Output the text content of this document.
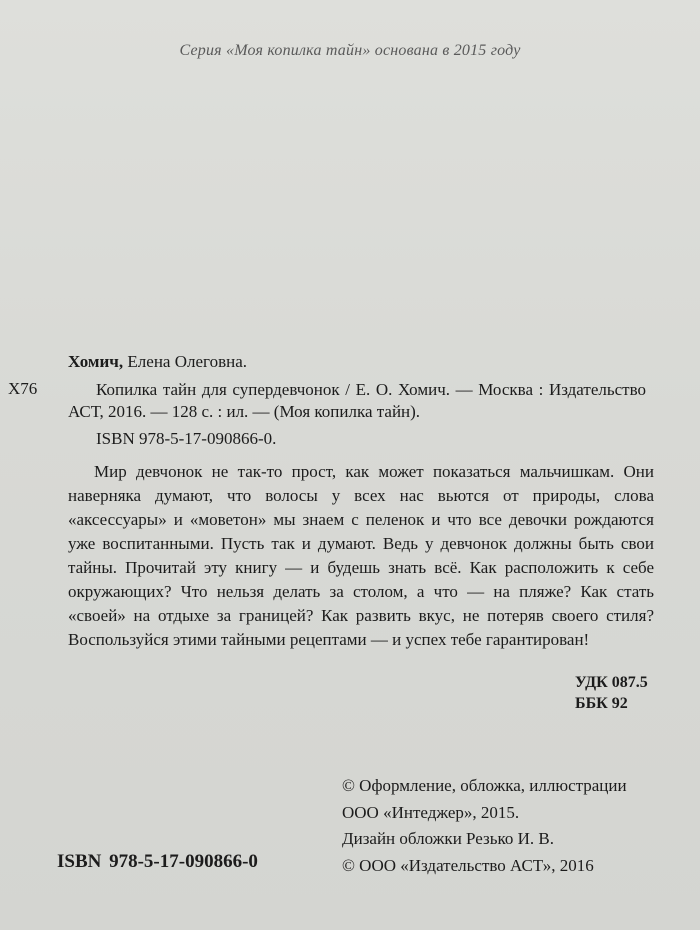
Серия «Моя копилка тайн» основана в 2015 году
Хомич, Елена Олеговна.
Х76	Копилка тайн для супердевчонок / Е. О. Хомич. — Москва : Издательство АСТ, 2016. — 128 с. : ил. — (Моя копилка тайн).
ISBN 978-5-17-090866-0.

Мир девчонок не так-то прост, как может показаться мальчишкам. Они наверняка думают, что волосы у всех нас вьются от природы, слова «аксессуары» и «моветон» мы знаем с пеленок и что все девочки рождаются уже воспитанными. Пусть так и думают. Ведь у девчонок должны быть свои тайны. Прочитай эту книгу — и будешь знать всё. Как расположить к себе окружающих? Что нельзя делать за столом, а что — на пляже? Как стать «своей» на отдыхе за границей? Как развить вкус, не потеряв своего стиля? Воспользуйся этими тайными рецептами — и успех тебе гарантирован!

УДК 087.5
ББК 92
© Оформление, обложка, иллюстрации
ООО «Интеджер», 2015.
Дизайн обложки Резько И. В.
© ООО «Издательство АСТ», 2016
ISBN 978-5-17-090866-0
